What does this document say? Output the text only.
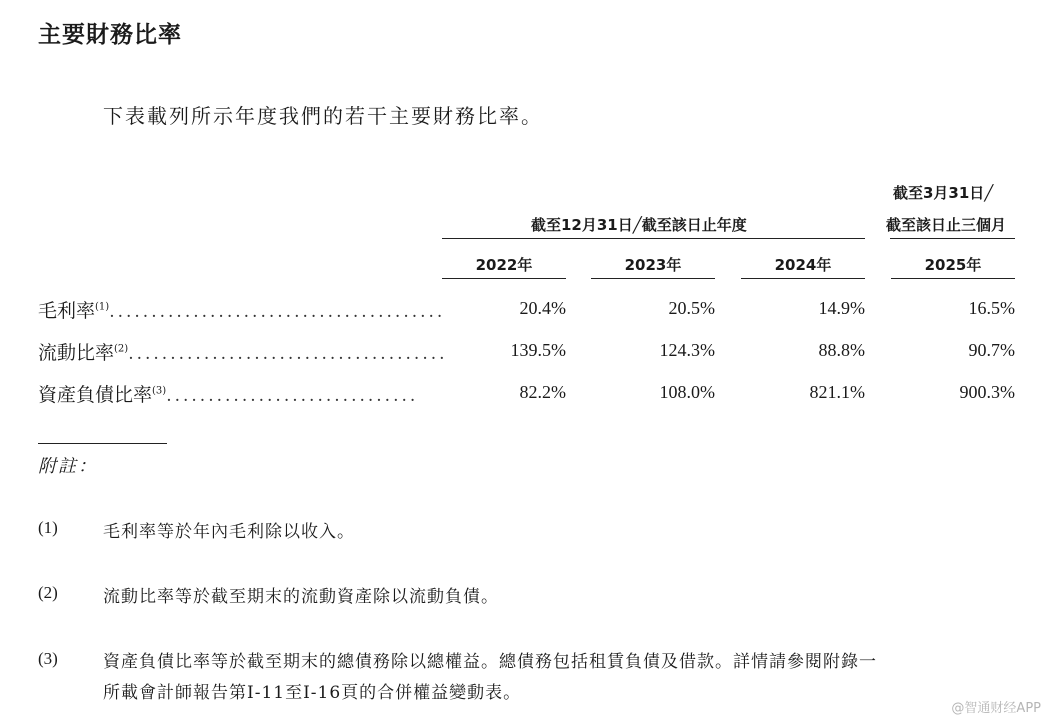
主要財務比率
下表載列所示年度我們的若干主要財務比率。
截至12月31日╱截至該日止年度
截至3月31日╱
截至該日止三個月
2022年	2023年	2024年	2025年
毛利率$^{(1)}$........................................	20.4%	20.5%	14.9%	16.5%
流動比率$^{(2)}$......................................	139.5%	124.3%	88.8%	90.7%
資產負債比率$^{(3)}$..............................	82.2%	108.0%	821.1%	900.3%
附註：
(1)	毛利率等於年內毛利除以收入。
(2)	流動比率等於截至期末的流動資產除以流動負債。
(3)	資產負債比率等於截至期末的總債務除以總權益。總債務包括租賃負債及借款。詳情請參閱附錄一
所載會計師報告第I-11至I-16頁的合併權益變動表。
@智通财经APP
